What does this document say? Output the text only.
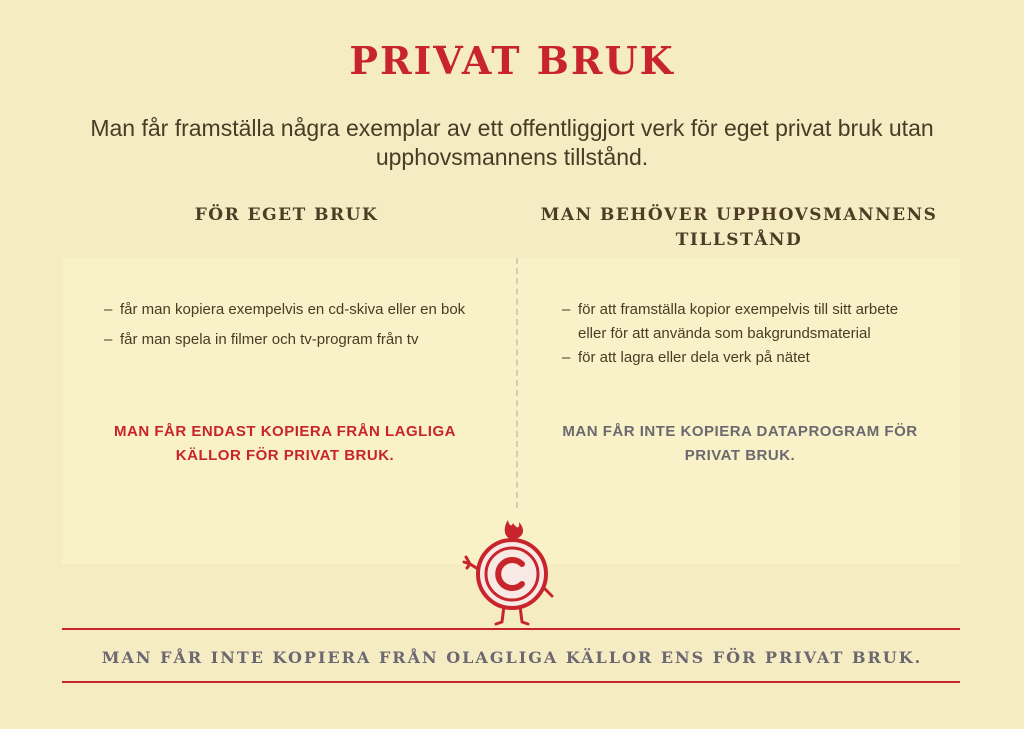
PRIVAT BRUK
Man får framställa några exemplar av ett offentliggjort verk för eget privat bruk utan upphovsmannens tillstånd.
FÖR EGET BRUK	MAN BEHÖVER UPPHOVSMANNENS TILLSTÅND
– får man kopiera exempelvis en cd-skiva eller en bok
– får man spela in filmer och tv-program från tv
– för att framställa kopior exempelvis till sitt arbete eller för att använda som bakgrundsmaterial
– för att lagra eller dela verk på nätet
MAN FÅR ENDAST KOPIERA FRÅN LAGLIGA KÄLLOR FÖR PRIVAT BRUK.
MAN FÅR INTE KOPIERA DATAPROGRAM FÖR PRIVAT BRUK.
MAN FÅR INTE KOPIERA FRÅN OLAGLIGA KÄLLOR ENS FÖR PRIVAT BRUK.
